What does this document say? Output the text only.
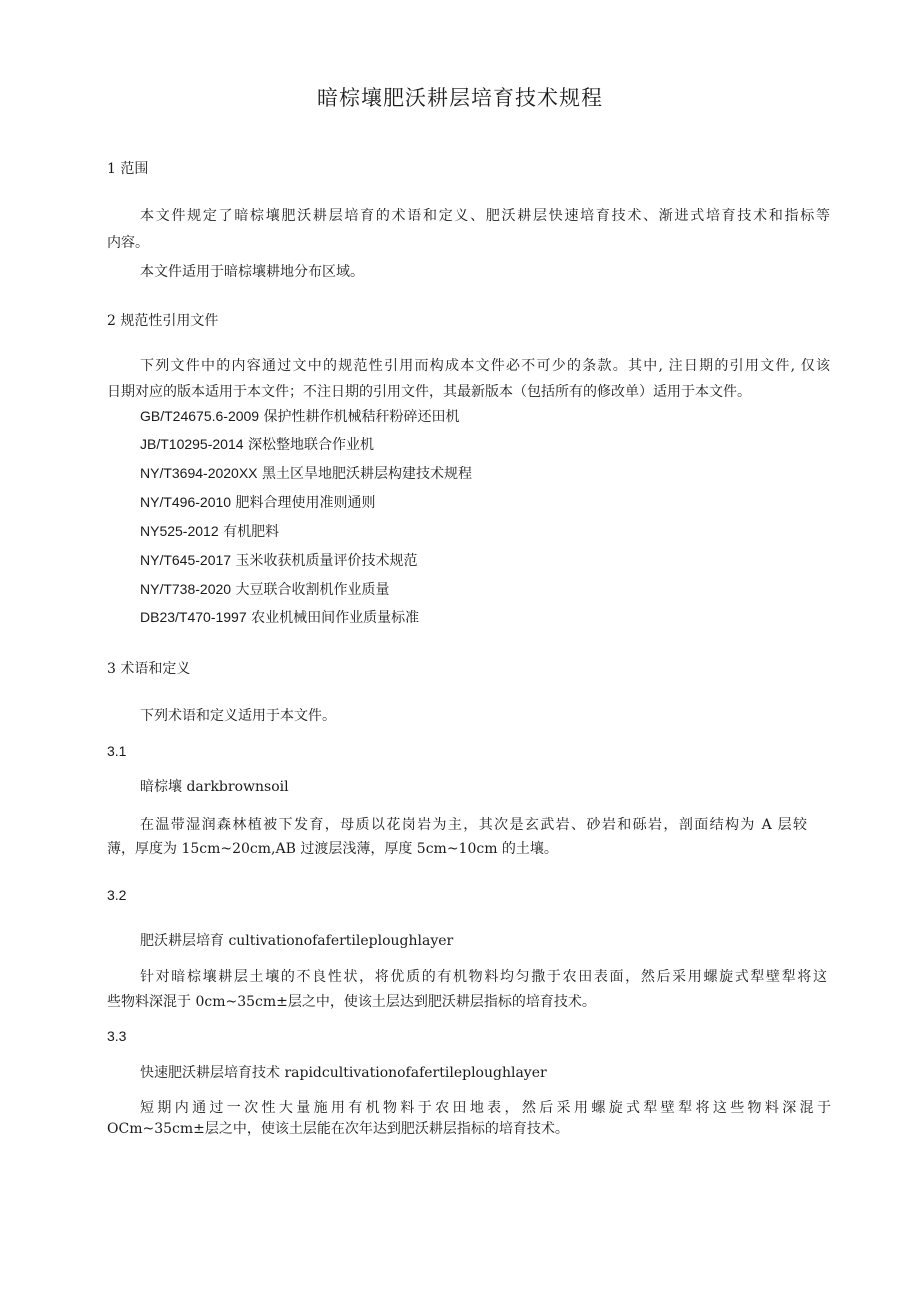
暗棕壤肥沃耕层培育技术规程
1 范围
本文件规定了暗棕壤肥沃耕层培育的术语和定义、肥沃耕层快速培育技术、渐进式培育技术和指标等
内容。
本文件适用于暗棕壤耕地分布区域。
2 规范性引用文件
下列文件中的内容通过文中的规范性引用而构成本文件必不可少的条款。其中, 注日期的引用文件, 仅该
日期对应的版本适用于本文件；不注日期的引用文件，其最新版本（包括所有的修改单）适用于本文件。
GB/T24675.6-2009 保护性耕作机械秸秆粉碎还田机
JB/T10295-2014 深松整地联合作业机
NY/T3694-2020XX 黑土区旱地肥沃耕层构建技术规程
NY/T496-2010 肥料合理使用准则通则
NY525-2012 有机肥料
NY/T645-2017 玉米收获机质量评价技术规范
NY/T738-2020 大豆联合收割机作业质量
DB23/T470-1997 农业机械田间作业质量标准
3 术语和定义
下列术语和定义适用于本文件。
3.1
暗棕壤 darkbrownsoil
在温带湿润森林植被下发育，母质以花岗岩为主，其次是玄武岩、砂岩和砾岩，剖面结构为 A 层较
薄，厚度为 15cm~20cm,AB 过渡层浅薄，厚度 5cm~10cm 的土壤。
3.2
肥沃耕层培育 cultivationofafertileploughlayer
针对暗棕壤耕层土壤的不良性状，将优质的有机物料均匀撒于农田表面，然后采用螺旋式犁壁犁将这
些物料深混于 0cm~35cm±层之中，使该土层达到肥沃耕层指标的培育技术。
3.3
快速肥沃耕层培育技术 rapidcultivationofafertileploughlayer
短期内通过一次性大量施用有机物料于农田地表，然后采用螺旋式犁壁犁将这些物料深混于
OCm~35cm±层之中，使该土层能在次年达到肥沃耕层指标的培育技术。
